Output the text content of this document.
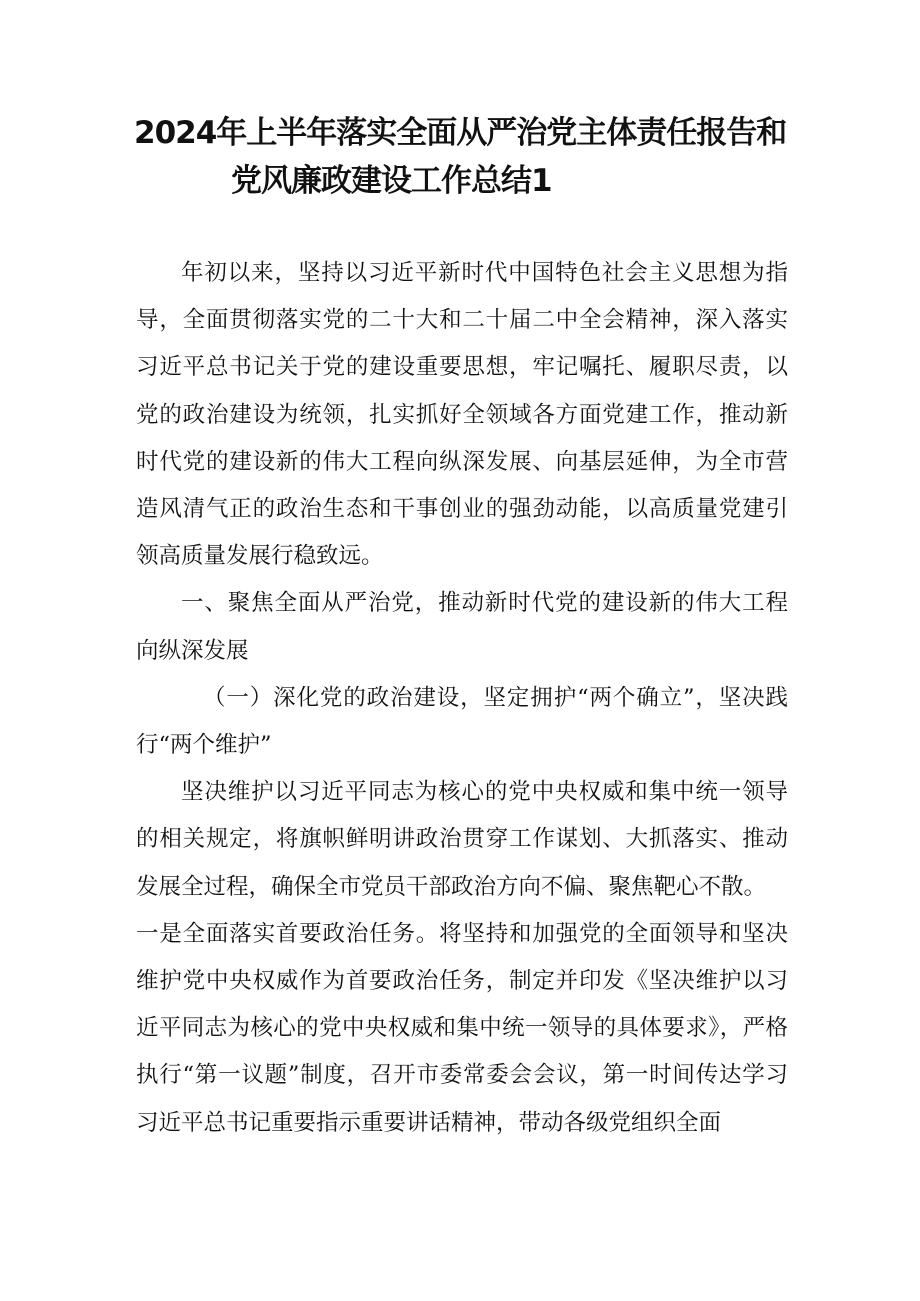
2024年上半年落实全面从严治党主体责任报告和
党风廉政建设工作总结1

年初以来，坚持以习近平新时代中国特色社会主义思想为指导，全面贯彻落实党的二十大和二十届二中全会精神，深入落实习近平总书记关于党的建设重要思想，牢记嘱托、履职尽责，以党的政治建设为统领，扎实抓好全领域各方面党建工作，推动新时代党的建设新的伟大工程向纵深发展、向基层延伸，为全市营造风清气正的政治生态和干事创业的强劲动能，以高质量党建引领高质量发展行稳致远。

一、聚焦全面从严治党，推动新时代党的建设新的伟大工程向纵深发展

（一）深化党的政治建设，坚定拥护“两个确立”，坚决践行“两个维护”

坚决维护以习近平同志为核心的党中央权威和集中统一领导的相关规定，将旗帜鲜明讲政治贯穿工作谋划、大抓落实、推动发展全过程，确保全市党员干部政治方向不偏、聚焦靶心不散。

一是全面落实首要政治任务。将坚持和加强党的全面领导和坚决维护党中央权威作为首要政治任务，制定并印发《坚决维护以习近平同志为核心的党中央权威和集中统一领导的具体要求》，严格执行“第一议题”制度，召开市委常委会会议，第一时间传达学习习近平总书记重要指示重要讲话精神，带动各级党组织全面
